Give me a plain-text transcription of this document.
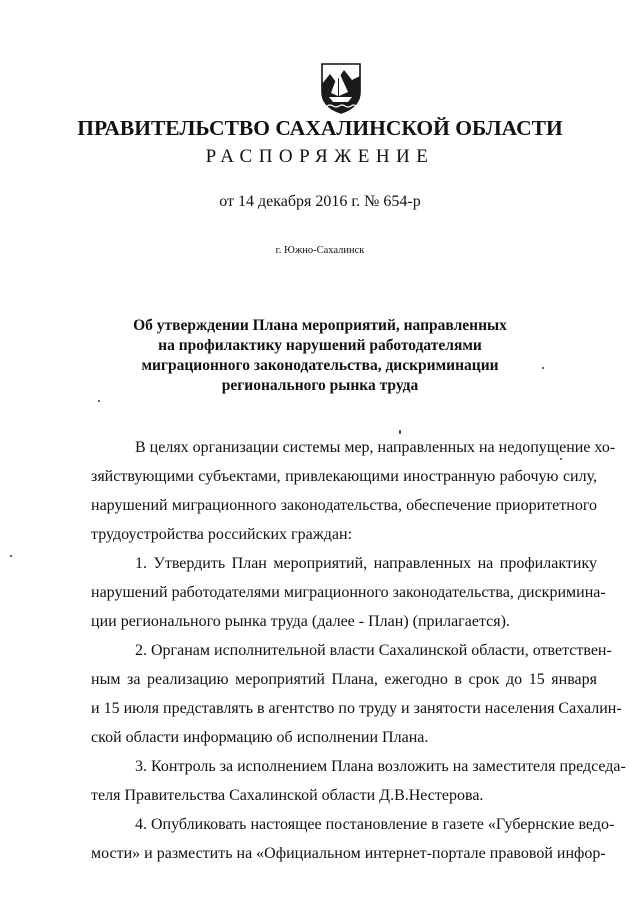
ПРАВИТЕЛЬСТВО САХАЛИНСКОЙ ОБЛАСТИ
РАСПОРЯЖЕНИЕ
от 14 декабря 2016 г. № 654-р
г. Южно-Сахалинск
Об утверждении Плана мероприятий, направленных
на профилактику нарушений работодателями
миграционного законодательства, дискриминации
регионального рынка труда
В целях организации системы мер, направленных на недопущение хо-
зяйствующими субъектами, привлекающими иностранную рабочую силу,
нарушений миграционного законодательства, обеспечение приоритетного
трудоустройства российских граждан:
1. Утвердить План мероприятий, направленных на профилактику
нарушений работодателями миграционного законодательства, дискримина-
ции регионального рынка труда (далее - План) (прилагается).
2. Органам исполнительной власти Сахалинской области, ответствен-
ным за реализацию мероприятий Плана, ежегодно в срок до 15 января
и 15 июля представлять в агентство по труду и занятости населения Сахалин-
ской области информацию об исполнении Плана.
3. Контроль за исполнением Плана возложить на заместителя председа-
теля Правительства Сахалинской области Д.В.Нестерова.
4. Опубликовать настоящее постановление в газете «Губернские ведо-
мости» и разместить на «Официальном интернет-портале правовой инфор-
